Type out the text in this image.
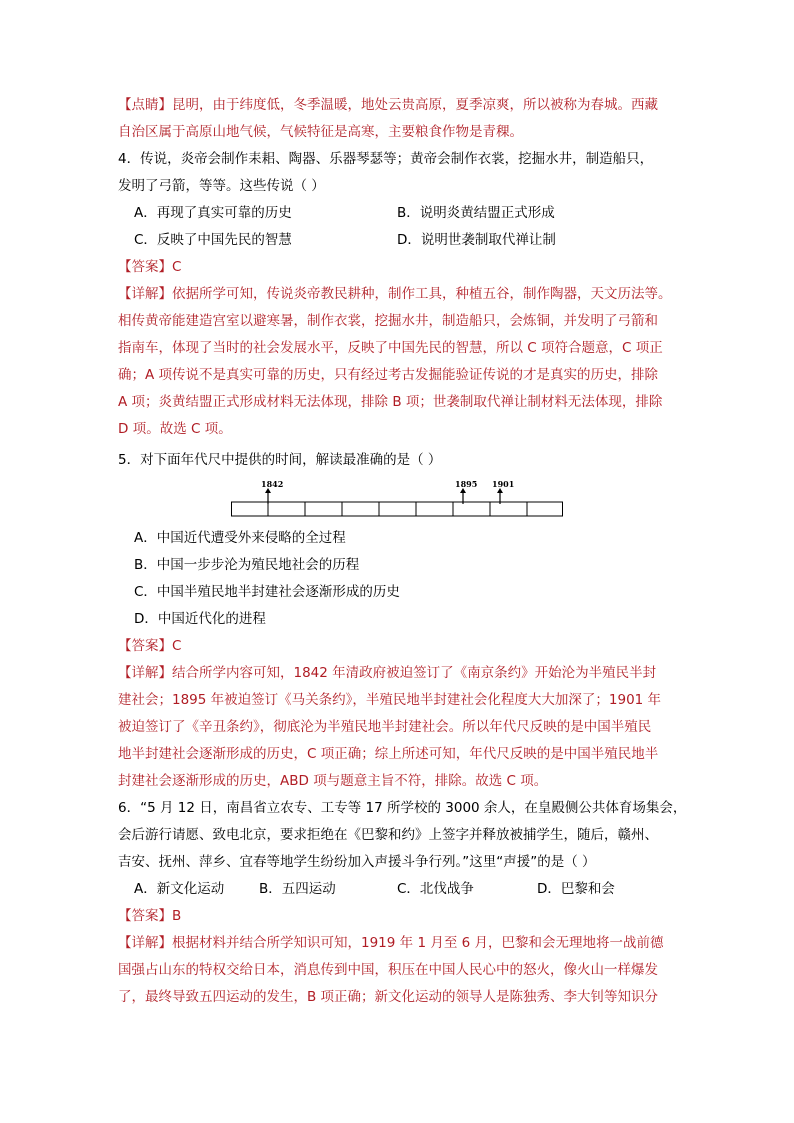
【点睛】昆明，由于纬度低，冬季温暖，地处云贵高原，夏季凉爽，所以被称为春城。西藏
自治区属于高原山地气候，气候特征是高寒，主要粮食作物是青稞。
4．传说，炎帝会制作耒耜、陶器、乐器琴瑟等；黄帝会制作衣裳，挖掘水井，制造船只，
发明了弓箭，等等。这些传说（ ）
A．再现了真实可靠的历史	B．说明炎黄结盟正式形成
C．反映了中国先民的智慧	D．说明世袭制取代禅让制
【答案】C
【详解】依据所学可知，传说炎帝教民耕种，制作工具，种植五谷，制作陶器，天文历法等。
相传黄帝能建造宫室以避寒暑，制作衣裳，挖掘水井，制造船只，会炼铜，并发明了弓箭和
指南车，体现了当时的社会发展水平，反映了中国先民的智慧，所以 C 项符合题意，C 项正
确；A 项传说不是真实可靠的历史，只有经过考古发掘能验证传说的才是真实的历史，排除
A 项；炎黄结盟正式形成材料无法体现，排除 B 项；世袭制取代禅让制材料无法体现，排除
D 项。故选 C 项。
5．对下面年代尺中提供的时间，解读最准确的是（ ）
1842	1895 1901
A．中国近代遭受外来侵略的全过程
B．中国一步步沦为殖民地社会的历程
C．中国半殖民地半封建社会逐渐形成的历史
D．中国近代化的进程
【答案】C
【详解】结合所学内容可知，1842 年清政府被迫签订了《南京条约》开始沦为半殖民半封
建社会；1895 年被迫签订《马关条约》，半殖民地半封建社会化程度大大加深了；1901 年
被迫签订了《辛丑条约》，彻底沦为半殖民地半封建社会。所以年代尺反映的是中国半殖民
地半封建社会逐渐形成的历史，C 项正确；综上所述可知，年代尺反映的是中国半殖民地半
封建社会逐渐形成的历史，ABD 项与题意主旨不符，排除。故选 C 项。
6．“5 月 12 日，南昌省立农专、工专等 17 所学校的 3000 余人，在皇殿侧公共体育场集会，
会后游行请愿、致电北京，要求拒绝在《巴黎和约》上签字并释放被捕学生，随后，赣州、
吉安、抚州、萍乡、宜春等地学生纷纷加入声援斗争行列。”这里“声援”的是（ ）
A．新文化运动	B．五四运动	C．北伐战争	D．巴黎和会
【答案】B
【详解】根据材料并结合所学知识可知，1919 年 1 月至 6 月，巴黎和会无理地将一战前德
国强占山东的特权交给日本，消息传到中国，积压在中国人民心中的怒火，像火山一样爆发
了，最终导致五四运动的发生，B 项正确；新文化运动的领导人是陈独秀、李大钊等知识分
